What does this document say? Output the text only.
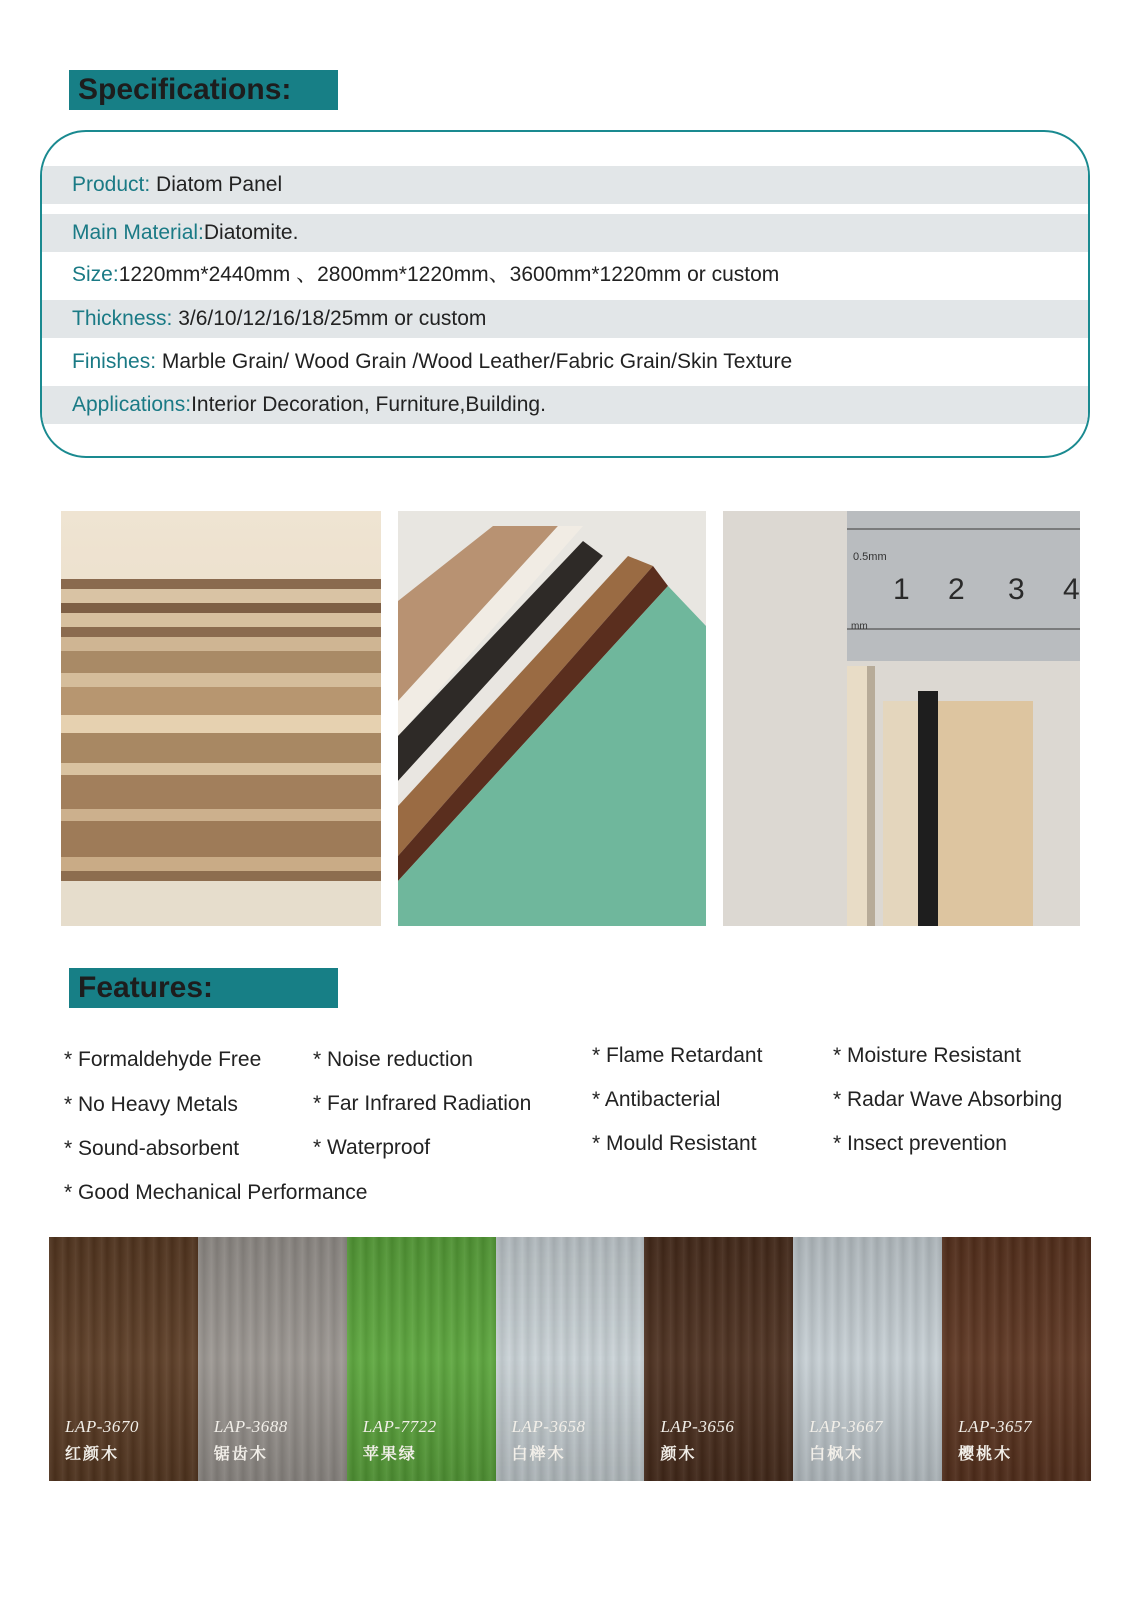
Specifications:
Product: Diatom Panel
Main Material:Diatomite.
Size:1220mm*2440mm 、2800mm*1220mm、3600mm*1220mm or custom
Thickness: 3/6/10/12/16/18/25mm or custom
Finishes: Marble Grain/ Wood Grain /Wood Leather/Fabric Grain/Skin Texture
Applications:Interior Decoration, Furniture,Building.
0.5mm
mm
1 2 3 4
Features:
* Formaldehyde Free
* No Heavy Metals
* Sound-absorbent
* Good Mechanical Performance
* Noise reduction
* Far Infrared Radiation
* Waterproof
* Flame Retardant
* Antibacterial
* Mould Resistant
* Moisture Resistant
* Radar Wave Absorbing
* Insect prevention
LAP-3670
红颜木
LAP-3688
锯齿木
LAP-7722
苹果绿
LAP-3658
白榉木
LAP-3656
颜木
LAP-3667
白枫木
LAP-3657
樱桃木
